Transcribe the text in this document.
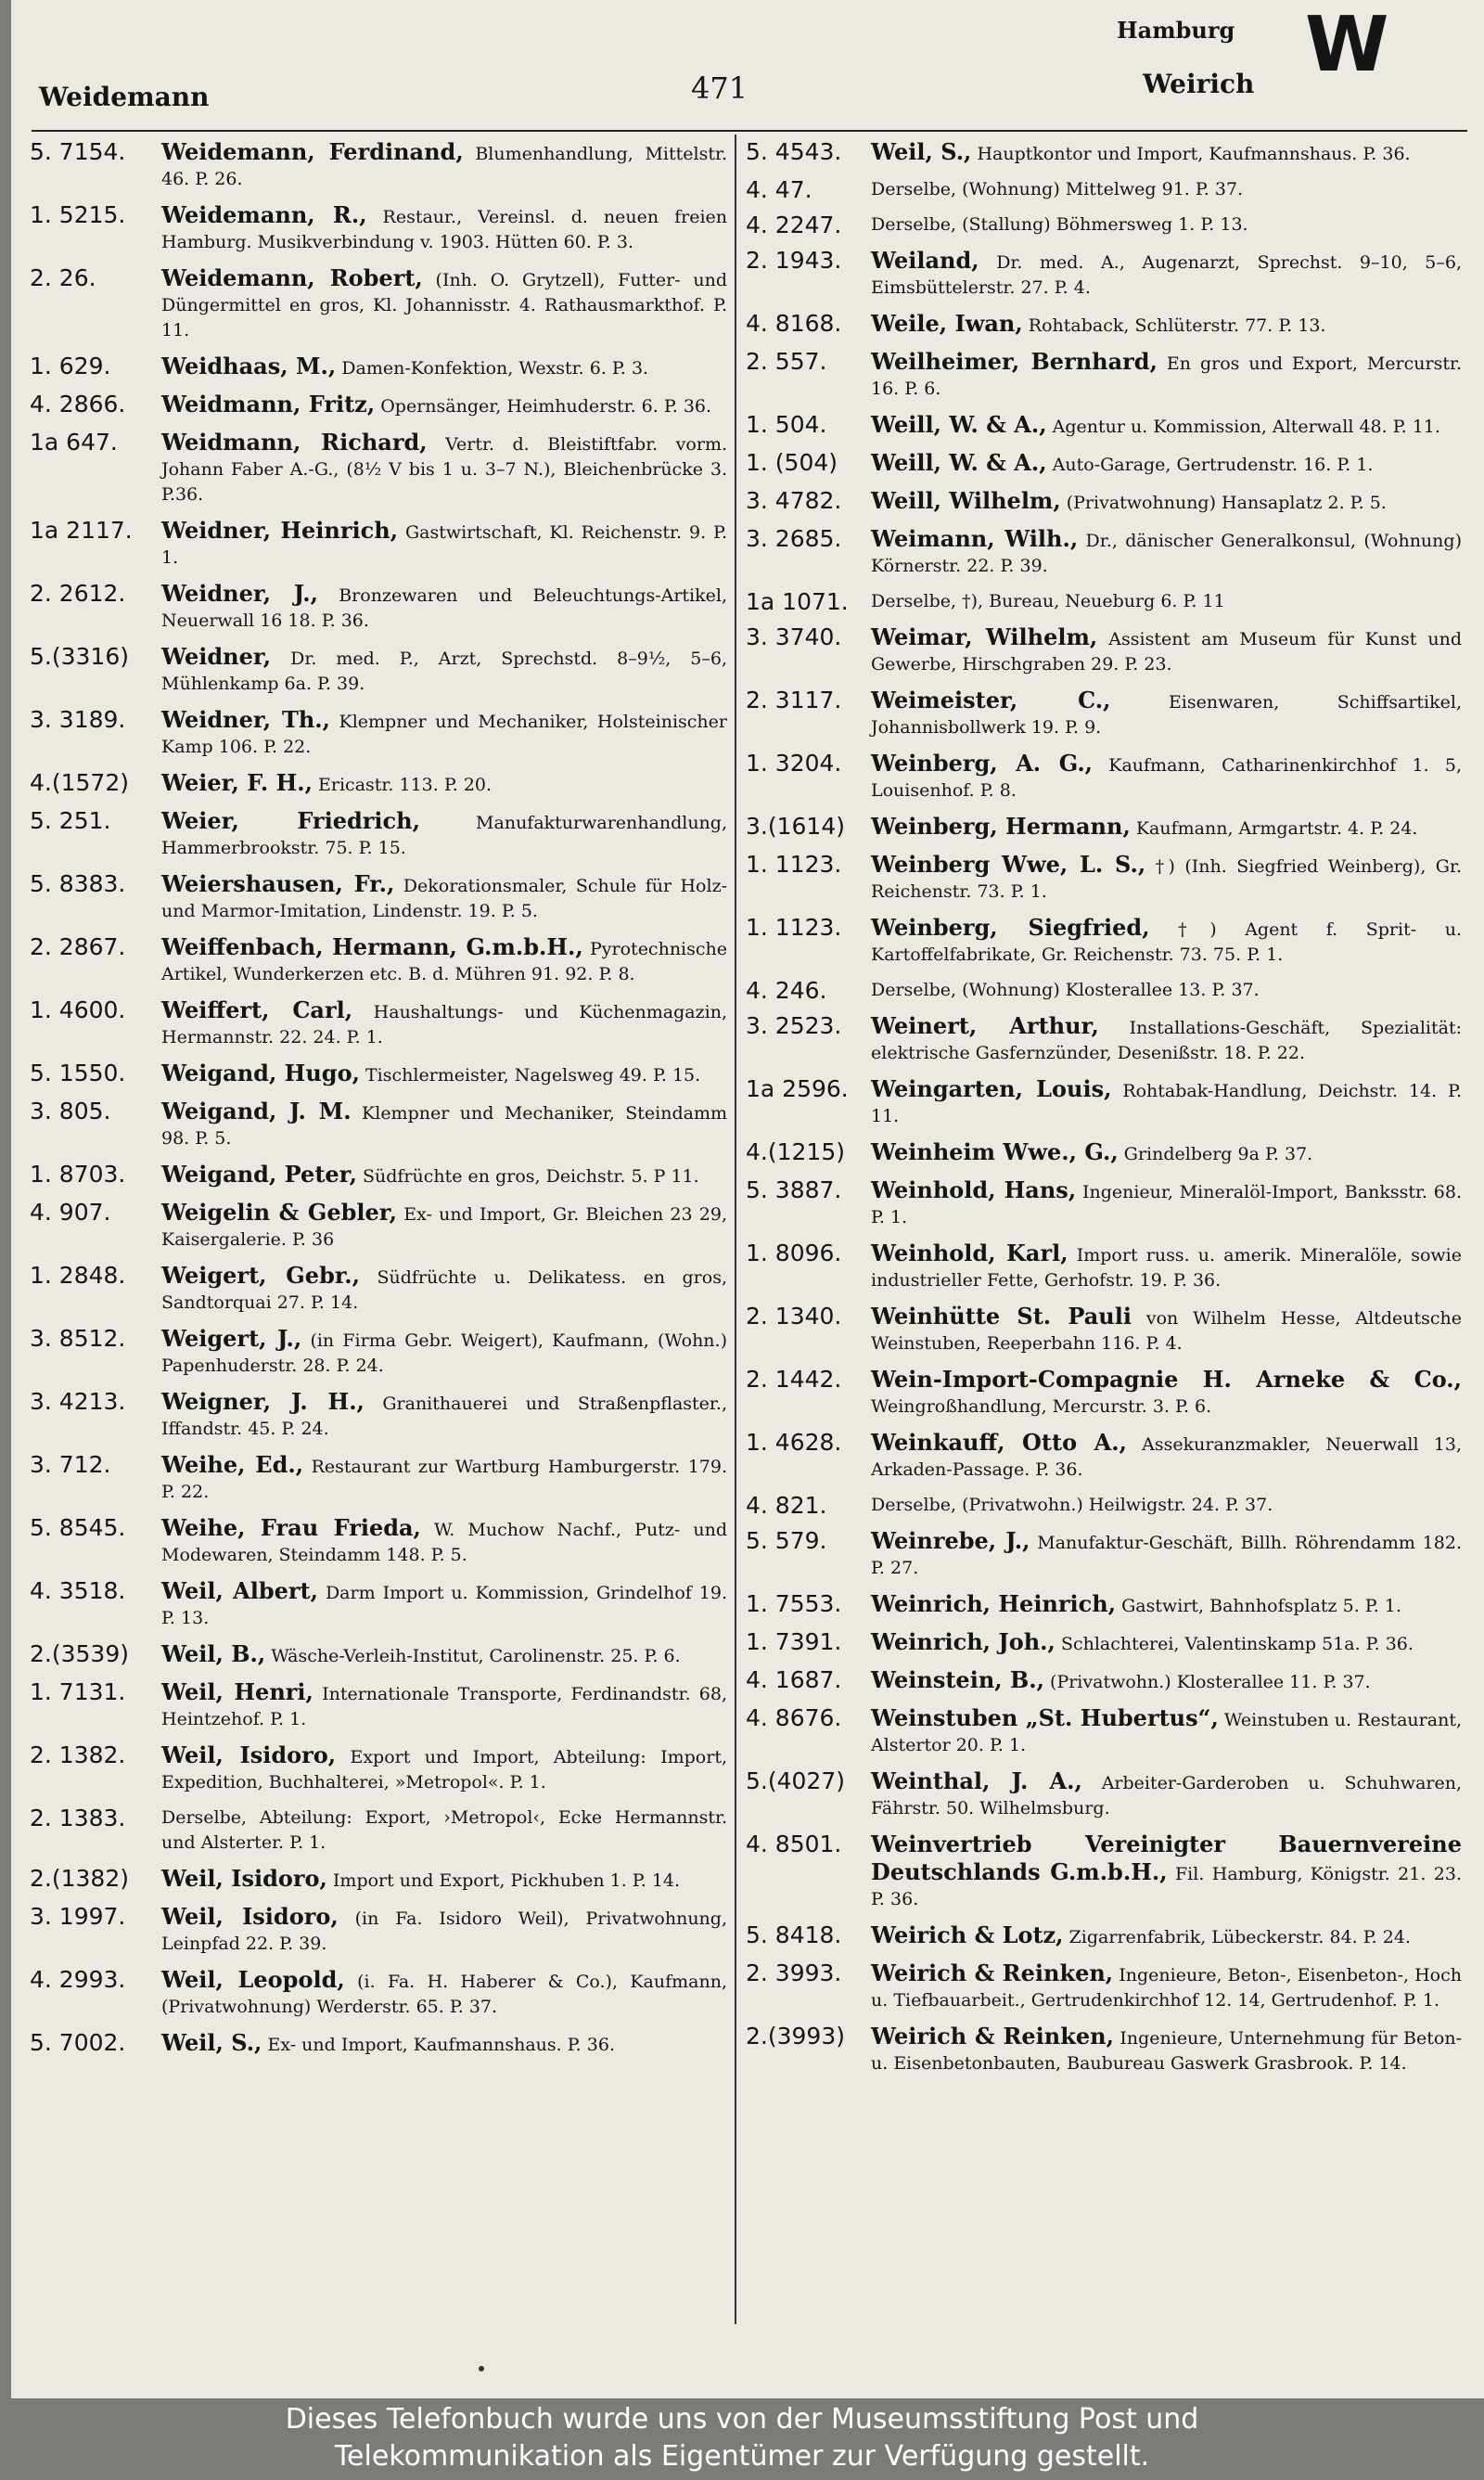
Weidemann	471
Hamburg
Weirich W
5. 7154.	Weidemann, Ferdinand, Blumenhandlung, Mittelstr. 46. P. 26.
1. 5215.	Weidemann, R., Restaur., Vereinsl. d. neuen freien Hamburg. Musikverbindung v. 1903. Hütten 60. P. 3.
2. 26.	Weidemann, Robert, (Inh. O. Grytzell), Futter- und Düngermittel en gros, Kl. Johannisstr. 4. Rathausmarkthof. P. 11.
1. 629.	Weidhaas, M., Damen-Konfektion, Wexstr. 6. P. 3.
4. 2866.	Weidmann, Fritz, Opernsänger, Heimhuderstr. 6. P. 36.
1a 647.	Weidmann, Richard, Vertr. d. Bleistiftfabr. vorm. Johann Faber A.-G., (8½ V bis 1 u. 3–7 N.), Bleichenbrücke 3. P.36.
1a 2117.	Weidner, Heinrich, Gastwirtschaft, Kl. Reichenstr. 9. P. 1.
2. 2612.	Weidner, J., Bronzewaren und Beleuchtungs-Artikel, Neuerwall 16 18. P. 36.
5.(3316)	Weidner, Dr. med. P., Arzt, Sprechstd. 8–9½, 5–6, Mühlenkamp 6a. P. 39.
3. 3189.	Weidner, Th., Klempner und Mechaniker, Holsteinischer Kamp 106. P. 22.
4.(1572)	Weier, F. H., Ericastr. 113. P. 20.
5. 251.	Weier, Friedrich,	Manufakturwarenhandlung, Hammerbrookstr. 75. P. 15.
5. 8383.	Weiershausen, Fr., Dekorationsmaler, Schule für Holz- und Marmor-Imitation, Lindenstr. 19. P. 5.
2. 2867.	Weiffenbach, Hermann, G.m.b.H., Pyrotechnische Artikel, Wunderkerzen etc. B. d. Mühren 91. 92. P. 8.
1. 4600.	Weiffert, Carl, Haushaltungs- und Küchenmagazin, Hermannstr. 22. 24. P. 1.
5. 1550.	Weigand, Hugo, Tischlermeister, Nagelsweg 49. P. 15.
3. 805.	Weigand, J. M. Klempner und Mechaniker, Steindamm 98. P. 5.
1. 8703.	Weigand, Peter, Südfrüchte en gros, Deichstr. 5. P 11.
4. 907.	Weigelin & Gebler, Ex- und Import, Gr. Bleichen 23 29, Kaisergalerie. P. 36
1. 2848.	Weigert, Gebr., Südfrüchte u. Delikatess. en gros, Sandtorquai 27. P. 14.
3. 8512.	Weigert, J., (in Firma Gebr. Weigert), Kaufmann, (Wohn.) Papenhuderstr. 28. P. 24.
3. 4213.	Weigner, J. H., Granithauerei und Straßenpflaster., Iffandstr. 45. P. 24.
3. 712.	Weihe, Ed., Restaurant zur Wartburg Hamburgerstr. 179. P. 22.
5. 8545.	Weihe, Frau Frieda, W. Muchow Nachf., Putz- und Modewaren, Steindamm 148. P. 5.
4. 3518.	Weil, Albert, Darm Import u. Kommission, Grindelhof 19. P. 13.
2.(3539)	Weil, B., Wäsche-Verleih-Institut, Carolinenstr. 25. P. 6.
1. 7131.	Weil, Henri, Internationale Transporte, Ferdinandstr. 68, Heintzehof. P. 1.
2. 1382.	Weil, Isidoro, Export und Import, Abteilung: Import, Expedition, Buchhalterei, »Metropol«. P. 1.
2. 1383.	Derselbe, Abteilung: Export, ›Metropol‹, Ecke Hermannstr. und Alsterter. P. 1.
2.(1382)	Weil, Isidoro, Import und Export, Pickhuben 1. P. 14.
3. 1997.	Weil, Isidoro, (in Fa. Isidoro Weil), Privatwohnung, Leinpfad 22. P. 39.
4. 2993.	Weil, Leopold, (i. Fa. H. Haberer & Co.), Kaufmann, (Privatwohnung) Werderstr. 65. P. 37.
5. 7002.	Weil, S., Ex- und Import, Kaufmannshaus. P. 36.
5. 4543.	Weil, S., Hauptkontor und Import, Kaufmannshaus. P. 36.
4. 47.	Derselbe, (Wohnung) Mittelweg 91. P. 37.
4. 2247.	Derselbe, (Stallung) Böhmersweg 1. P. 13.
2. 1943.	Weiland, Dr. med. A., Augenarzt, Sprechst. 9–10, 5–6, Eimsbüttelerstr. 27. P. 4.
4. 8168.	Weile, Iwan, Rohtaback, Schlüterstr. 77. P. 13.
2. 557.	Weilheimer, Bernhard, En gros und Export, Mercurstr. 16. P. 6.
1. 504.	Weill, W. & A., Agentur u. Kommission, Alterwall 48. P. 11.
1. (504)	Weill, W. & A., Auto-Garage, Gertrudenstr. 16. P. 1.
3. 4782.	Weill, Wilhelm, (Privatwohnung) Hansaplatz 2. P. 5.
3. 2685.	Weimann, Wilh., Dr., dänischer Generalkonsul, (Wohnung) Körnerstr. 22. P. 39.
1a 1071.	Derselbe, †), Bureau, Neueburg 6. P. 11
3. 3740.	Weimar, Wilhelm, Assistent am Museum für Kunst und Gewerbe, Hirschgraben 29. P. 23.
2. 3117.	Weimeister, C.,	Eisenwaren, Schiffsartikel, Johannisbollwerk 19. P. 9.
1. 3204.	Weinberg, A. G., Kaufmann, Catharinenkirchhof 1. 5, Louisenhof. P. 8.
3.(1614)	Weinberg, Hermann, Kaufmann, Armgartstr. 4. P. 24.
1. 1123.	Weinberg Wwe, L. S., †) (Inh. Siegfried Weinberg), Gr. Reichenstr. 73. P. 1.
1. 1123.	Weinberg, Siegfried, †) Agent f. Sprit- u. Kartoffelfabrikate, Gr. Reichenstr. 73. 75. P. 1.
4. 246.	Derselbe, (Wohnung) Klosterallee 13. P. 37.
3. 2523.	Weinert, Arthur, Installations-Geschäft, Spezialität: elektrische Gasfernzünder, Desenißstr. 18. P. 22.
1a 2596.	Weingarten, Louis, Rohtabak-Handlung, Deichstr. 14. P. 11.
4.(1215)	Weinheim Wwe., G., Grindelberg 9a P. 37.
5. 3887.	Weinhold, Hans, Ingenieur, Mineralöl-Import, Banksstr. 68. P. 1.
1. 8096.	Weinhold, Karl, Import russ. u. amerik. Mineralöle, sowie industrieller Fette, Gerhofstr. 19. P. 36.
2. 1340.	Weinhütte St. Pauli von Wilhelm Hesse, Altdeutsche Weinstuben, Reeperbahn 116. P. 4.
2. 1442.	Wein-Import-Compagnie H. Arneke & Co., Weingroßhandlung, Mercurstr. 3. P. 6.
1. 4628.	Weinkauff, Otto A., Assekuranzmakler, Neuerwall 13, Arkaden-Passage. P. 36.
4. 821.	Derselbe, (Privatwohn.) Heilwigstr. 24. P. 37.
5. 579.	Weinrebe, J., Manufaktur-Geschäft, Billh. Röhrendamm 182. P. 27.
1. 7553.	Weinrich, Heinrich, Gastwirt, Bahnhofsplatz 5. P. 1.
1. 7391.	Weinrich, Joh., Schlachterei, Valentinskamp 51a. P. 36.
4. 1687.	Weinstein, B., (Privatwohn.) Klosterallee 11. P. 37.
4. 8676.	Weinstuben „St. Hubertus“, Weinstuben u. Restaurant, Alstertor 20. P. 1.
5.(4027)	Weinthal, J. A., Arbeiter-Garderoben u. Schuhwaren, Fährstr. 50. Wilhelmsburg.
4. 8501.	Weinvertrieb Vereinigter Bauernvereine Deutschlands G.m.b.H., Fil. Hamburg, Königstr. 21. 23. P. 36.
5. 8418.	Weirich & Lotz, Zigarrenfabrik, Lübeckerstr. 84. P. 24.
2. 3993.	Weirich & Reinken, Ingenieure, Beton-, Eisenbeton-, Hoch u. Tiefbauarbeit., Gertrudenkirchhof 12. 14, Gertrudenhof. P. 1.
2.(3993)	Weirich & Reinken, Ingenieure, Unternehmung für Beton- u. Eisenbetonbauten, Baubureau Gaswerk Grasbrook. P. 14.
Dieses Telefonbuch wurde uns von der Museumsstiftung Post und
Telekommunikation als Eigentümer zur Verfügung gestellt.
